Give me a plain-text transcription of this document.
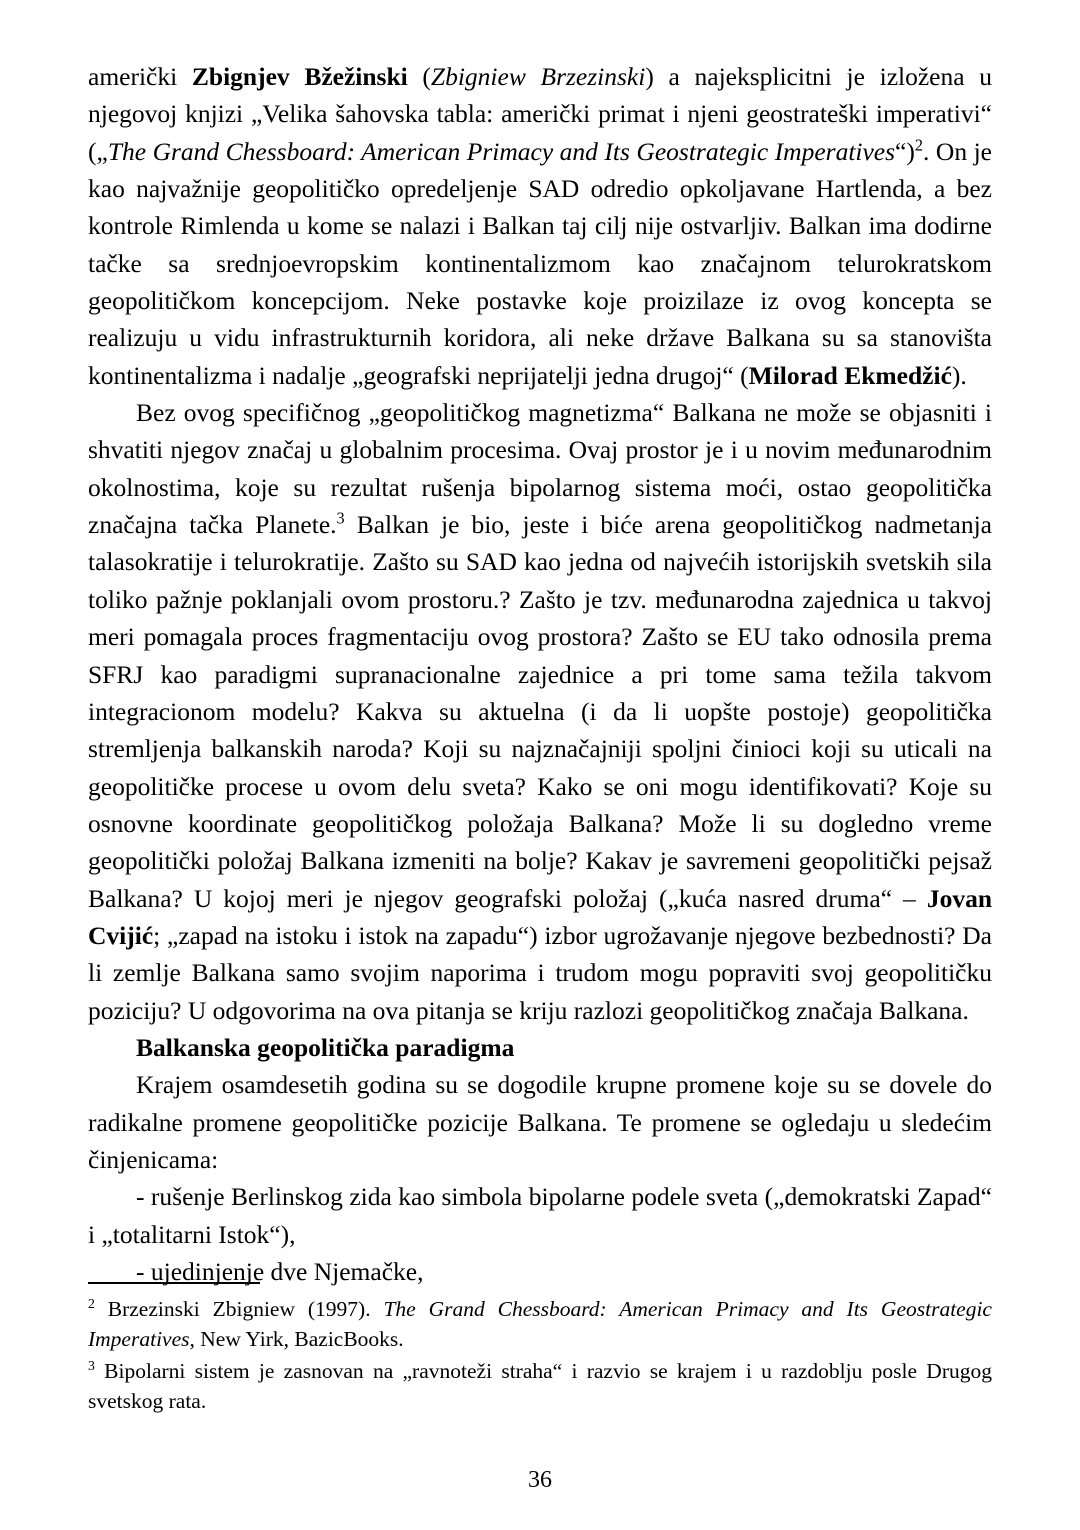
američki Zbignjev Bžežinski (Zbigniew Brzezinski) a najeksplicitni je izložena u njegovoj knjizi „Velika šahovska tabla: američki primat i njeni geostrateški imperativi“ („The Grand Chessboard: American Primacy and Its Geostrategic Imperatives“)$^2$. On je kao najvažnije geopolitičko opredeljenje SAD odredio opkoljavane Hartlenda, a bez kontrole Rimlenda u kome se nalazi i Balkan taj cilj nije ostvarljiv. Balkan ima dodirne tačke sa srednjoevropskim kontinentalizmom kao značajnom telurokratskom geopolitičkom koncepcijom. Neke postavke koje proizilaze iz ovog koncepta se realizuju u vidu infrastrukturnih koridora, ali neke države Balkana su sa stanovišta kontinentalizma i nadalje „geografski neprijatelji jedna drugoj“ (Milorad Ekmedžić).

Bez ovog specifičnog „geopolitičkog magnetizma“ Balkana ne može se objasniti i shvatiti njegov značaj u globalnim procesima. Ovaj prostor je i u novim međunarodnim okolnostima, koje su rezultat rušenja bipolarnog sistema moći, ostao geopolitička značajna tačka Planete.$^3$ Balkan je bio, jeste i biće arena geopolitičkog nadmetanja talasokratije i telurokratije. Zašto su SAD kao jedna od najvećih istorijskih svetskih sila toliko pažnje poklanjali ovom prostoru.? Zašto je tzv. međunarodna zajednica u takvoj meri pomagala proces fragmentaciju ovog prostora? Zašto se EU tako odnosila prema SFRJ kao paradigmi supranacionalne zajednice a pri tome sama težila takvom integracionom modelu? Kakva su aktuelna (i da li uopšte postoje) geopolitička stremljenja balkanskih naroda? Koji su najznačajniji spoljni činioci koji su uticali na geopolitičke procese u ovom delu sveta? Kako se oni mogu identifikovati? Koje su osnovne koordinate geopolitičkog položaja Balkana? Može li su dogledno vreme geopolitički položaj Balkana izmeniti na bolje? Kakav je savremeni geopolitički pejsaž Balkana? U kojoj meri je njegov geografski položaj („kuća nasred druma“ – Jovan Cvijić; „zapad na istoku i istok na zapadu“) izbor ugrožavanje njegove bezbednosti? Da li zemlje Balkana samo svojim naporima i trudom mogu popraviti svoj geopolitičku poziciju? U odgovorima na ova pitanja se kriju razlozi geopolitičkog značaja Balkana.

Balkanska geopolitička paradigma

Krajem osamdesetih godina su se dogodile krupne promene koje su se dovele do radikalne promene geopolitičke pozicije Balkana. Te promene se ogledaju u sledećim činjenicama:

- rušenje Berlinskog zida kao simbola bipolarne podele sveta („demokratski Zapad“ i „totalitarni Istok“),

- ujedinjenje dve Njemačke,

$^2$ Brzezinski Zbigniew (1997). The Grand Chessboard: American Primacy and Its Geostrategic Imperatives, New Yirk, BazicBooks.

$^3$ Bipolarni sistem je zasnovan na „ravnoteži straha“ i razvio se krajem i u razdoblju posle Drugog svetskog rata.

36
